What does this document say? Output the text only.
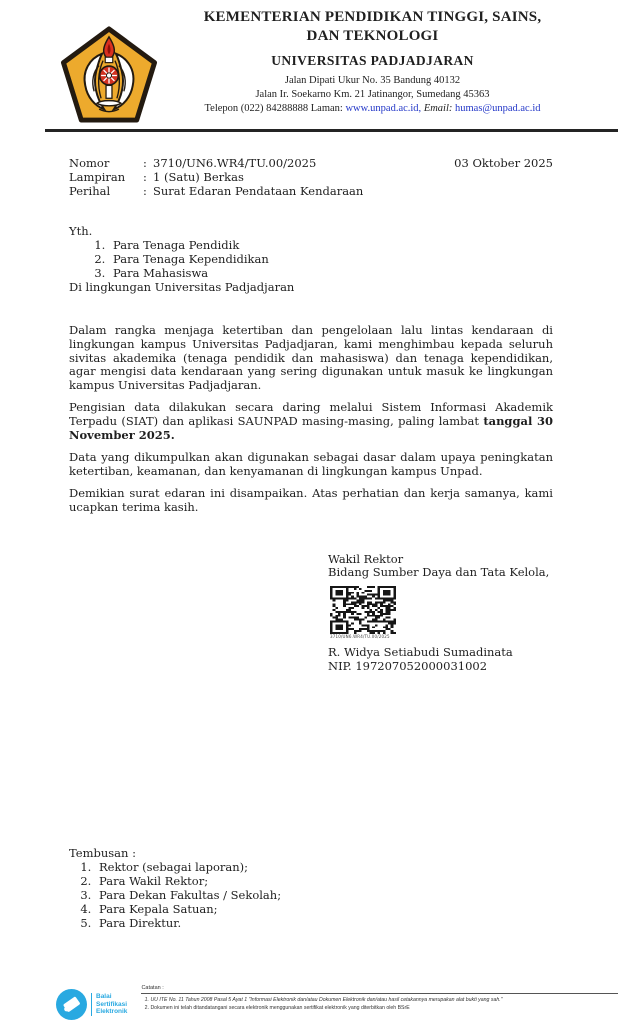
KEMENTERIAN PENDIDIKAN TINGGI, SAINS,
DAN TEKNOLOGI
UNIVERSITAS PADJADJARAN
Jalan Dipati Ukur No. 35 Bandung 40132
Jalan Ir. Soekarno Km. 21 Jatinangor, Sumedang 45363
Telepon (022) 84288888 Laman: www.unpad.ac.id, Email: humas@unpad.ac.id
Nomor	: 3710/UN6.WR4/TU.00/2025
Lampiran : 1 (Satu) Berkas
Perihal	: Surat Edaran Pendataan Kendaraan
03 Oktober 2025
Yth.
1. Para Tenaga Pendidik
2. Para Tenaga Kependidikan
3. Para Mahasiswa
Di lingkungan Universitas Padjadjaran

Dalam rangka menjaga ketertiban dan pengelolaan lalu lintas kendaraan di lingkungan kampus Universitas Padjadjaran, kami menghimbau kepada seluruh sivitas akademika (tenaga pendidik dan mahasiswa) dan tenaga kependidikan, agar mengisi data kendaraan yang sering digunakan untuk masuk ke lingkungan kampus Universitas Padjadjaran.

Pengisian data dilakukan secara daring melalui Sistem Informasi Akademik Terpadu (SIAT) dan aplikasi SAUNPAD masing-masing, paling lambat tanggal 30 November 2025.

Data yang dikumpulkan akan digunakan sebagai dasar dalam upaya peningkatan ketertiban, keamanan, dan kenyamanan di lingkungan kampus Unpad.

Demikian surat edaran ini disampaikan. Atas perhatian dan kerja samanya, kami ucapkan terima kasih.

Wakil Rektor
Bidang Sumber Daya dan Tata Kelola,
3710/UN6.WR4/TU.00/2025
R. Widya Setiabudi Sumadinata
NIP. 197207052000031002
Tembusan :
1. Rektor (sebagai laporan);
2. Para Wakil Rektor;
3. Para Dekan Fakultas / Sekolah;
4. Para Kepala Satuan;
5. Para Direktur.
Balai
Sertifikasi
Elektronik
Catatan :
1. UU ITE No. 11 Tahun 2008 Pasal 5 Ayat 1 "Informasi Elektronik dan/atau Dokumen Elektronik dan/atau hasil cetakannya merupakan alat bukti yang sah."
2. Dokumen ini telah ditandatangani secara elektronik menggunakan sertifikat elektronik yang diterbitkan oleh BSrE
